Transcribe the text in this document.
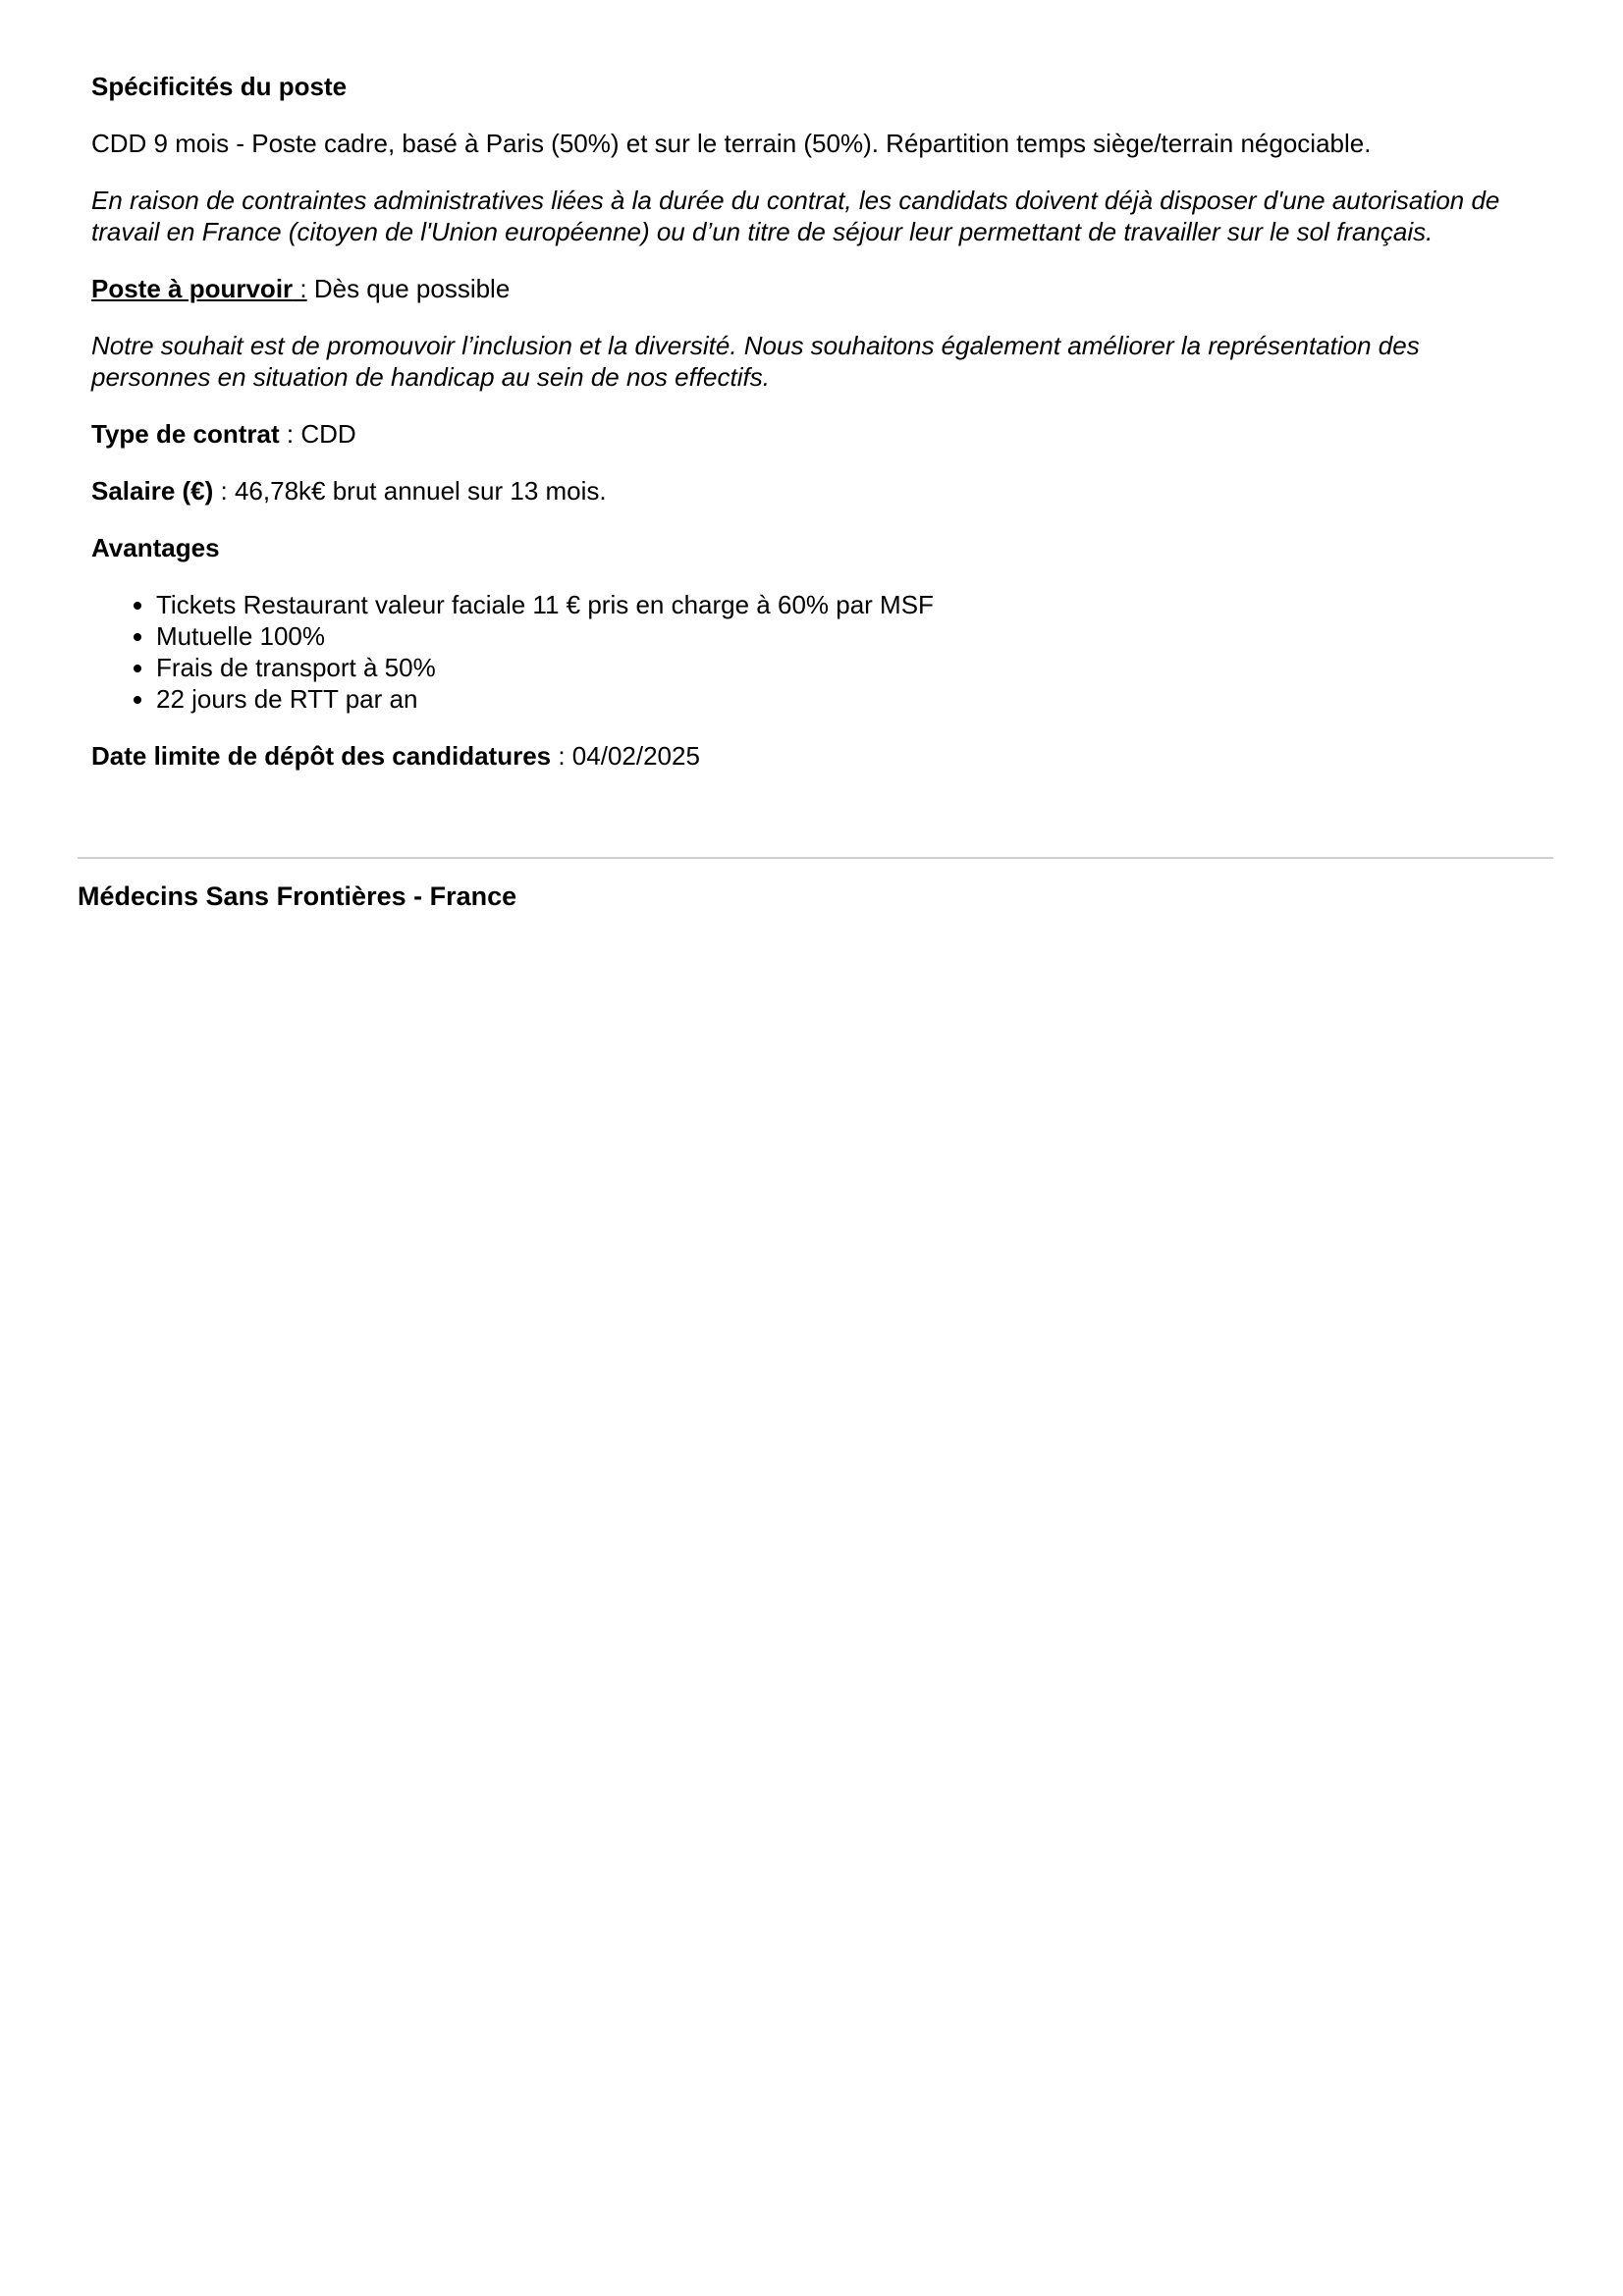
Spécificités du poste

CDD 9 mois - Poste cadre, basé à Paris (50%) et sur le terrain (50%). Répartition temps siège/terrain négociable.

En raison de contraintes administratives liées à la durée du contrat, les candidats doivent déjà disposer d'une autorisation de travail en France (citoyen de l'Union européenne) ou d’un titre de séjour leur permettant de travailler sur le sol français.

Poste à pourvoir : Dès que possible

Notre souhait est de promouvoir l’inclusion et la diversité. Nous souhaitons également améliorer la représentation des personnes en situation de handicap au sein de nos effectifs.

Type de contrat : CDD

Salaire (€) : 46,78k€ brut annuel sur 13 mois.

Avantages

• Tickets Restaurant valeur faciale 11 € pris en charge à 60% par MSF
• Mutuelle 100%
• Frais de transport à 50%
• 22 jours de RTT par an

Date limite de dépôt des candidatures : 04/02/2025

Médecins Sans Frontières - France
